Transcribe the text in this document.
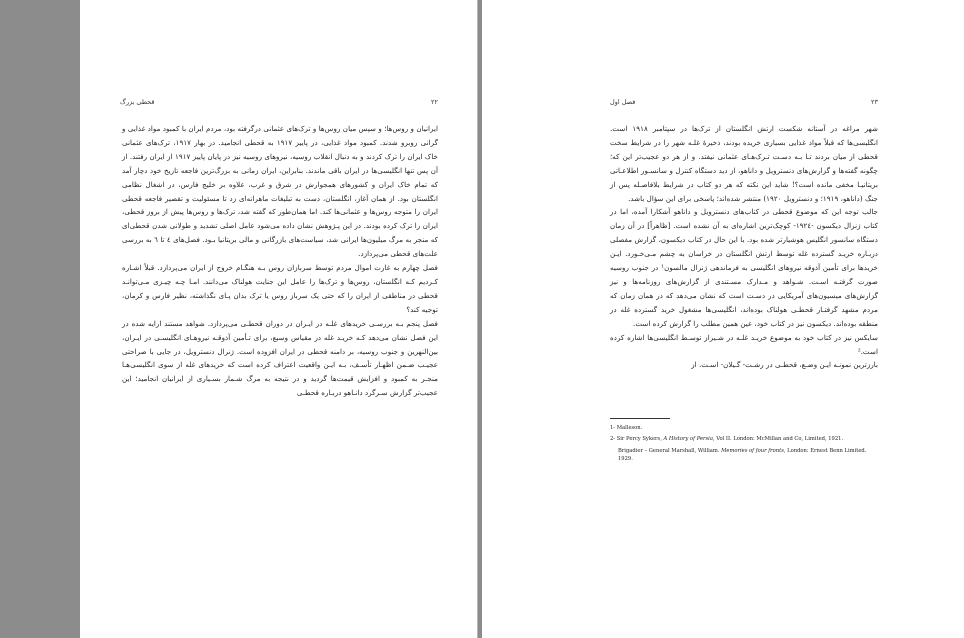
٢٢
قحطی بزرگ

ایرانیان و روس‌ها؛ و سپس میان روس‌ها و ترک‌های عثمانی درگرفته بود، مردم ایران با کمبود مواد غذایی و گرانی روبرو شدند. کمبود مواد غذایی، در پاییز ۱۹۱۷ به قحطی انجامید. در بهار ۱۹۱۷، ترک‌های عثمانی خاک ایران را ترک کردند و به دنبال انقلاب روسیه، نیروهای روسیه نیز در پایان پاییز ۱۹۱۷ از ایران رفتند. از آن پس تنها انگلیسی‌ها در ایران باقی ماندند. بنابراین، ایران زمانی به بزرگ‌ترین فاجعه تاریخ خود دچار آمد که تمام خاک ایران و کشورهای همجوارش در شرق و غرب، علاوه بر خلیج فارس، در اشغال نظامی انگلستان بود. از همان آغاز، انگلستان، دست به تبلیغات ماهرانه‌ای زد تا مسئولیت و تقصیر فاجعه قحطی ایران را متوجه روس‌ها و عثمانی‌ها کند. اما همان‌طور که گفته شد، ترک‌ها و روس‌ها پیش از بروز قحطی، ایران را ترک کرده بودند. در این پـژوهش نشان داده می‌شود عامل اصلی تشدید و طولانی شدن قحطی‌ای که منجر به مرگ میلیون‌ها ایرانی شد، سیاست‌های بازرگانی و مالی بریتانیا بـود. فصل‌های ٤ تا ٦ به بررسی علت‌های قحطی می‌پردازد.

فصل چهارم به غارت اموال مردم توسط سربازان روس بـه هنگـام خروج از ایران می‌پردازد. قبلاً اشـاره کـردیم کـه انگلستان، روس‌ها و ترک‌ها را عامل این جنایت هولناک می‌دانند. امـا چـه چیـزی مـی‌توانـد قحطی در مناطقی از ایران را که حتی یک سرباز روس یا ترک بدان پـای نگذاشته، نظیر فارس و کرمان، توجیه کند؟

فصل پنجم بـه بررسـی خریدهای غلـه در ایـران در دوران قحطـی می‌پردازد. شواهد مستند ارایه شده در این فصل نشان می‌دهد کـه خریـد غله در مقیاس وسیع، برای تـأمین آذوقـه نیروهـای انگلیسـی در ایـران، بین‌النهرین و جنوب روسیه، بر دامنه قحطی در ایران افزوده است. ژنرال دنسترویل، در جایی با صراحتی عجیـب ضـمن اظهـار تأسـف، بـه ایـن واقعیت اعتراف کرده است که خریدهای غله از سوی انگلیسی‌هـا منجـر به کمبود و افزایش قیمت‌ها گردید و در نتیجه به مرگ شـمار بسـیاری از ایرانیان انجامید؛ این عجیب‌تر گزارش سـرگرد دانـاهو دربـاره قحطـی

٢٣
فصل اول

شهر مراغه در آستانه شکست ارتش انگلستان از ترک‌ها در سپتامبر ۱۹۱۸ است. انگلیسی‌ها که قبلاً مواد غذایی بسیاری خریده بودند، ذخیرهٔ غلـه شهر را در شرایط سخت قحطی از میان بردند تـا بـه دسـت تـرک‌هـای عثمانی نیفتد. و از هر دو عجیب‌تر این که؛ چگونه گفته‌ها و گزارش‌های دنسترویل و داناهو، از دید دستگاه کنترل و سانسـور اطلاعـاتی بریتانیـا مخفی مانده است؟! شاید این نکته که هر دو کتاب در شرایط بلافاصـله پس از جنگ (داناهو، ۱۹۱۹؛ و دنسترویل ۱۹۲۰) منتشر شده‌اند؛ پاسخی برای این سؤال باشد.

جالب توجه این که موضوع قحطی در کتاب‌های دنسترویل و داناهو آشکارا آمده، اما در کتاب ژنرال دیکسون -۱۹۲٤- کوچک‌ترین اشاره‌ای به آن نشده است. [ظاهراً] در آن زمان دستگاه سانسور انگلیس هوشیارتر شده بود. با این حال در کتاب دیکسون، گزارش مفصلی دربـاره خریـد گسترده غله توسط ارتش انگلستان در خراسان به چشم مـی‌خـورد. ایـن خریدها برای تأمین آذوقه نیروهای انگلیسی به فرماندهی ژنرال مالسون¹ در جنوب روسیه صورت گرفتـه اسـت. شـواهد و مـدارک مسـتندی از گزارش‌های روزنامه‌ها و نیز گزارش‌های میسیون‌های آمریکایی در دسـت است که نشان می‌دهد که در همان زمان که مردم مشهد گرفتـار قحطـی هولناک بوده‌اند، انگلیسی‌ها مشغول خرید گسترده غله در منطقه بوده‌اند. دیکسون نیز در کتاب خود، عین همین مطلب را گزارش کرده است.

سایکس نیز در کتاب خود به موضوع خریـد غلـه در شـیراز توسـط انگلیسی‌ها اشاره کرده است.²

بارزترین نمونـه ایـن وضـع، قحطـی در رشـت- گـیلان- اسـت. از

1- Malleson.
2- Sir Percy Sykers, A History of Persia, Vol II. London: McMillan and Co, Limited, 1921.
Brigadier – General Marshall, William. Memories of four fronts, London: Ernest Benn Limited. 1929.
